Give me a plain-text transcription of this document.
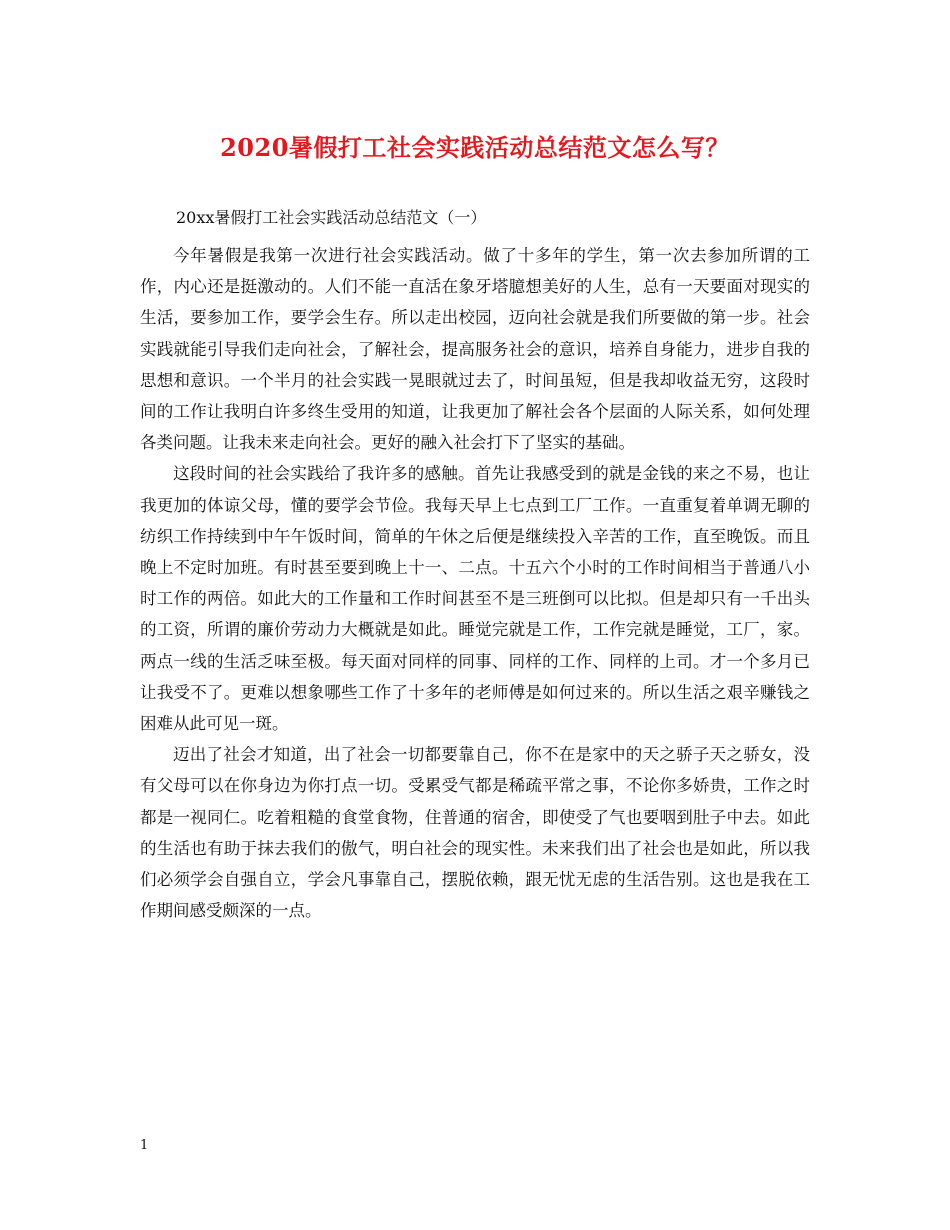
2020暑假打工社会实践活动总结范文怎么写？
20xx暑假打工社会实践活动总结范文（一）

今年暑假是我第一次进行社会实践活动。做了十多年的学生，第一次去参加所谓的工作，内心还是挺激动的。人们不能一直活在象牙塔臆想美好的人生，总有一天要面对现实的生活，要参加工作，要学会生存。所以走出校园，迈向社会就是我们所要做的第一步。社会实践就能引导我们走向社会，了解社会，提高服务社会的意识，培养自身能力，进步自我的思想和意识。一个半月的社会实践一晃眼就过去了，时间虽短，但是我却收益无穷，这段时间的工作让我明白许多终生受用的知道，让我更加了解社会各个层面的人际关系，如何处理各类问题。让我未来走向社会。更好的融入社会打下了坚实的基础。

这段时间的社会实践给了我许多的感触。首先让我感受到的就是金钱的来之不易，也让我更加的体谅父母，懂的要学会节俭。我每天早上七点到工厂工作。一直重复着单调无聊的纺织工作持续到中午午饭时间，简单的午休之后便是继续投入辛苦的工作，直至晚饭。而且晚上不定时加班。有时甚至要到晚上十一、二点。十五六个小时的工作时间相当于普通八小时工作的两倍。如此大的工作量和工作时间甚至不是三班倒可以比拟。但是却只有一千出头的工资，所谓的廉价劳动力大概就是如此。睡觉完就是工作，工作完就是睡觉，工厂，家。两点一线的生活乏味至极。每天面对同样的同事、同样的工作、同样的上司。才一个多月已让我受不了。更难以想象哪些工作了十多年的老师傅是如何过来的。所以生活之艰辛赚钱之困难从此可见一斑。

迈出了社会才知道，出了社会一切都要靠自己，你不在是家中的天之骄子天之骄女，没有父母可以在你身边为你打点一切。受累受气都是稀疏平常之事，不论你多娇贵，工作之时都是一视同仁。吃着粗糙的食堂食物，住普通的宿舍，即使受了气也要咽到肚子中去。如此的生活也有助于抹去我们的傲气，明白社会的现实性。未来我们出了社会也是如此，所以我们必须学会自强自立，学会凡事靠自己，摆脱依赖，跟无忧无虑的生活告别。这也是我在工作期间感受颇深的一点。

1
